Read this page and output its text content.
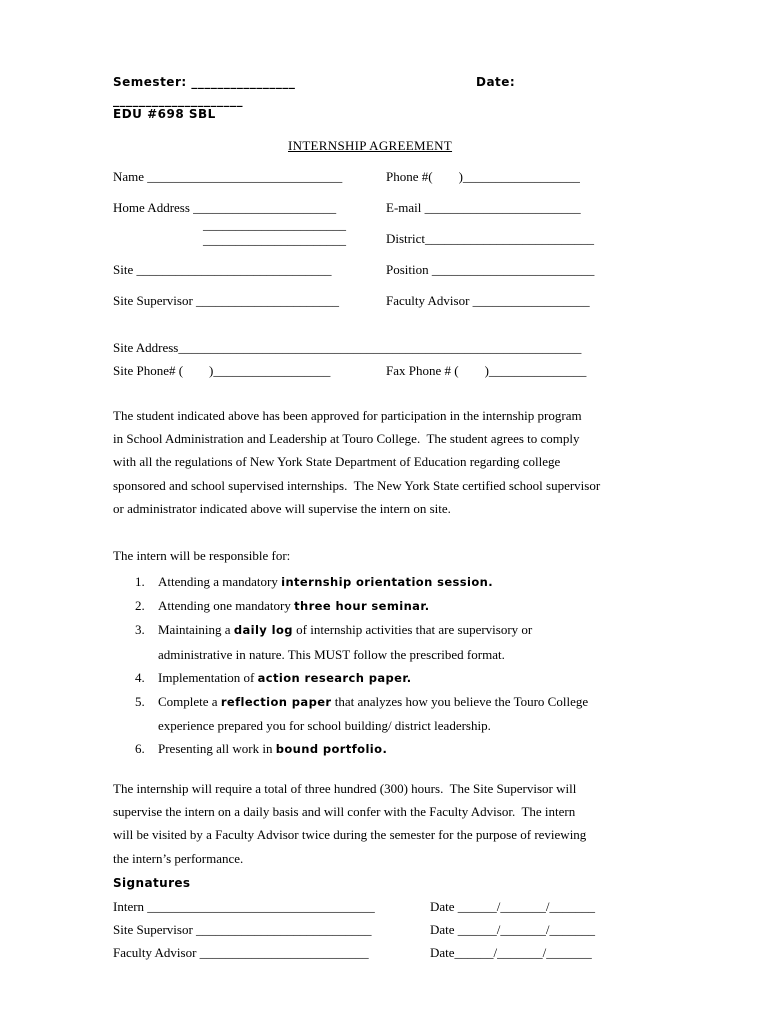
Semester: ________________	Date:
____________________
EDU #698 SBL
INTERNSHIP AGREEMENT
Name ______________________________	Phone #(        )__________________
Home Address ______________________	E-mail ________________________
______________________
______________________	District__________________________
Site ______________________________	Position _________________________
Site Supervisor ______________________	Faculty Advisor __________________
Site Address______________________________________________________________
Site Phone# (        )__________________	Fax Phone # (        )_______________
The student indicated above has been approved for participation in the internship program
in School Administration and Leadership at Touro College.  The student agrees to comply
with all the regulations of New York State Department of Education regarding college
sponsored and school supervised internships.  The New York State certified school supervisor
or administrator indicated above will supervise the intern on site.
The intern will be responsible for:
1. Attending a mandatory internship orientation session.
2. Attending one mandatory three hour seminar.
3. Maintaining a daily log of internship activities that are supervisory or
administrative in nature. This MUST follow the prescribed format.
4. Implementation of action research paper.
5. Complete a reflection paper that analyzes how you believe the Touro College
experience prepared you for school building/ district leadership.
6. Presenting all work in bound portfolio.
The internship will require a total of three hundred (300) hours.  The Site Supervisor will
supervise the intern on a daily basis and will confer with the Faculty Advisor.  The intern
will be visited by a Faculty Advisor twice during the semester for the purpose of reviewing
the intern’s performance.
Signatures
Intern ___________________________________	Date ______/_______/_______
Site Supervisor ___________________________	Date ______/_______/_______
Faculty Advisor __________________________	Date______/_______/_______
